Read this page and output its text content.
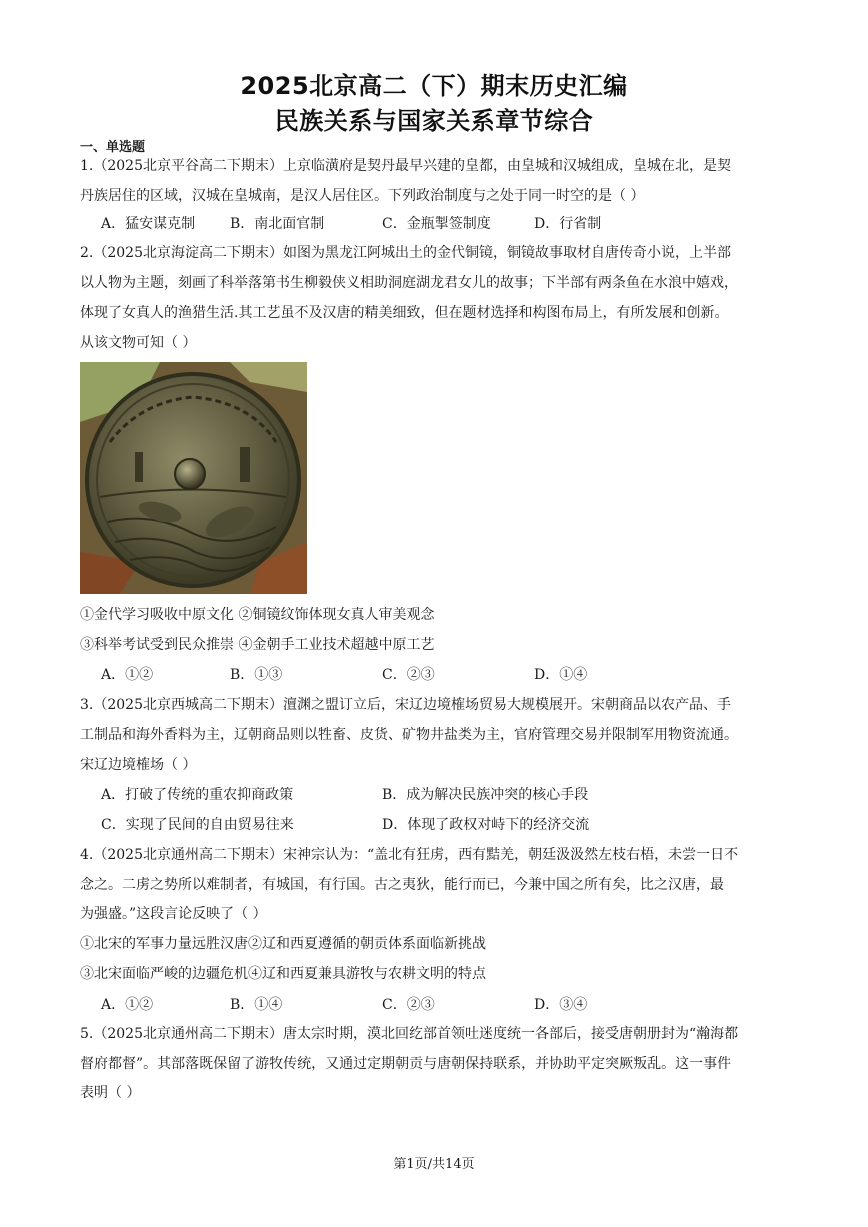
2025北京高二（下）期末历史汇编
民族关系与国家关系章节综合
一、单选题
1.（2025北京平谷高二下期末）上京临潢府是契丹最早兴建的皇都，由皇城和汉城组成，皇城在北，是契
丹族居住的区域，汉城在皇城南，是汉人居住区。下列政治制度与之处于同一时空的是（ ）
A．猛安谋克制 B．南北面官制	C．金瓶掣签制度	D．行省制
2.（2025北京海淀高二下期末）如图为黑龙江阿城出土的金代铜镜，铜镜故事取材自唐传奇小说，上半部
以人物为主题，刻画了科举落第书生柳毅侠义相助洞庭湖龙君女儿的故事；下半部有两条鱼在水浪中嬉戏，
体现了女真人的渔猎生活.其工艺虽不及汉唐的精美细致，但在题材选择和构图布局上，有所发展和创新。
从该文物可知（ ）
①金代学习吸收中原文化 ②铜镜纹饰体现女真人审美观念
③科举考试受到民众推崇 ④金朝手工业技术超越中原工艺
A．①②	B．①③	C．②③	D．①④
3.（2025北京西城高二下期末）澶渊之盟订立后，宋辽边境榷场贸易大规模展开。宋朝商品以农产品、手
工制品和海外香料为主，辽朝商品则以牲畜、皮货、矿物井盐类为主，官府管理交易并限制军用物资流通。
宋辽边境榷场（ ）
A．打破了传统的重农抑商政策	B．成为解决民族冲突的核心手段
C．实现了民间的自由贸易往来	D．体现了政权对峙下的经济交流
4.（2025北京通州高二下期末）宋神宗认为：“盖北有狂虏，西有黠羌，朝廷汲汲然左枝右梧，未尝一日不
念之。二虏之势所以难制者，有城国，有行国。古之夷狄，能行而已，今兼中国之所有矣，比之汉唐，最
为强盛。”这段言论反映了（ ）
①北宋的军事力量远胜汉唐②辽和西夏遵循的朝贡体系面临新挑战
③北宋面临严峻的边疆危机④辽和西夏兼具游牧与农耕文明的特点
A．①②	B．①④	C．②③	D．③④
5.（2025北京通州高二下期末）唐太宗时期，漠北回纥部首领吐迷度统一各部后，接受唐朝册封为“瀚海都
督府都督”。其部落既保留了游牧传统，又通过定期朝贡与唐朝保持联系，并协助平定突厥叛乱。这一事件
表明（ ）
第1页/共14页
